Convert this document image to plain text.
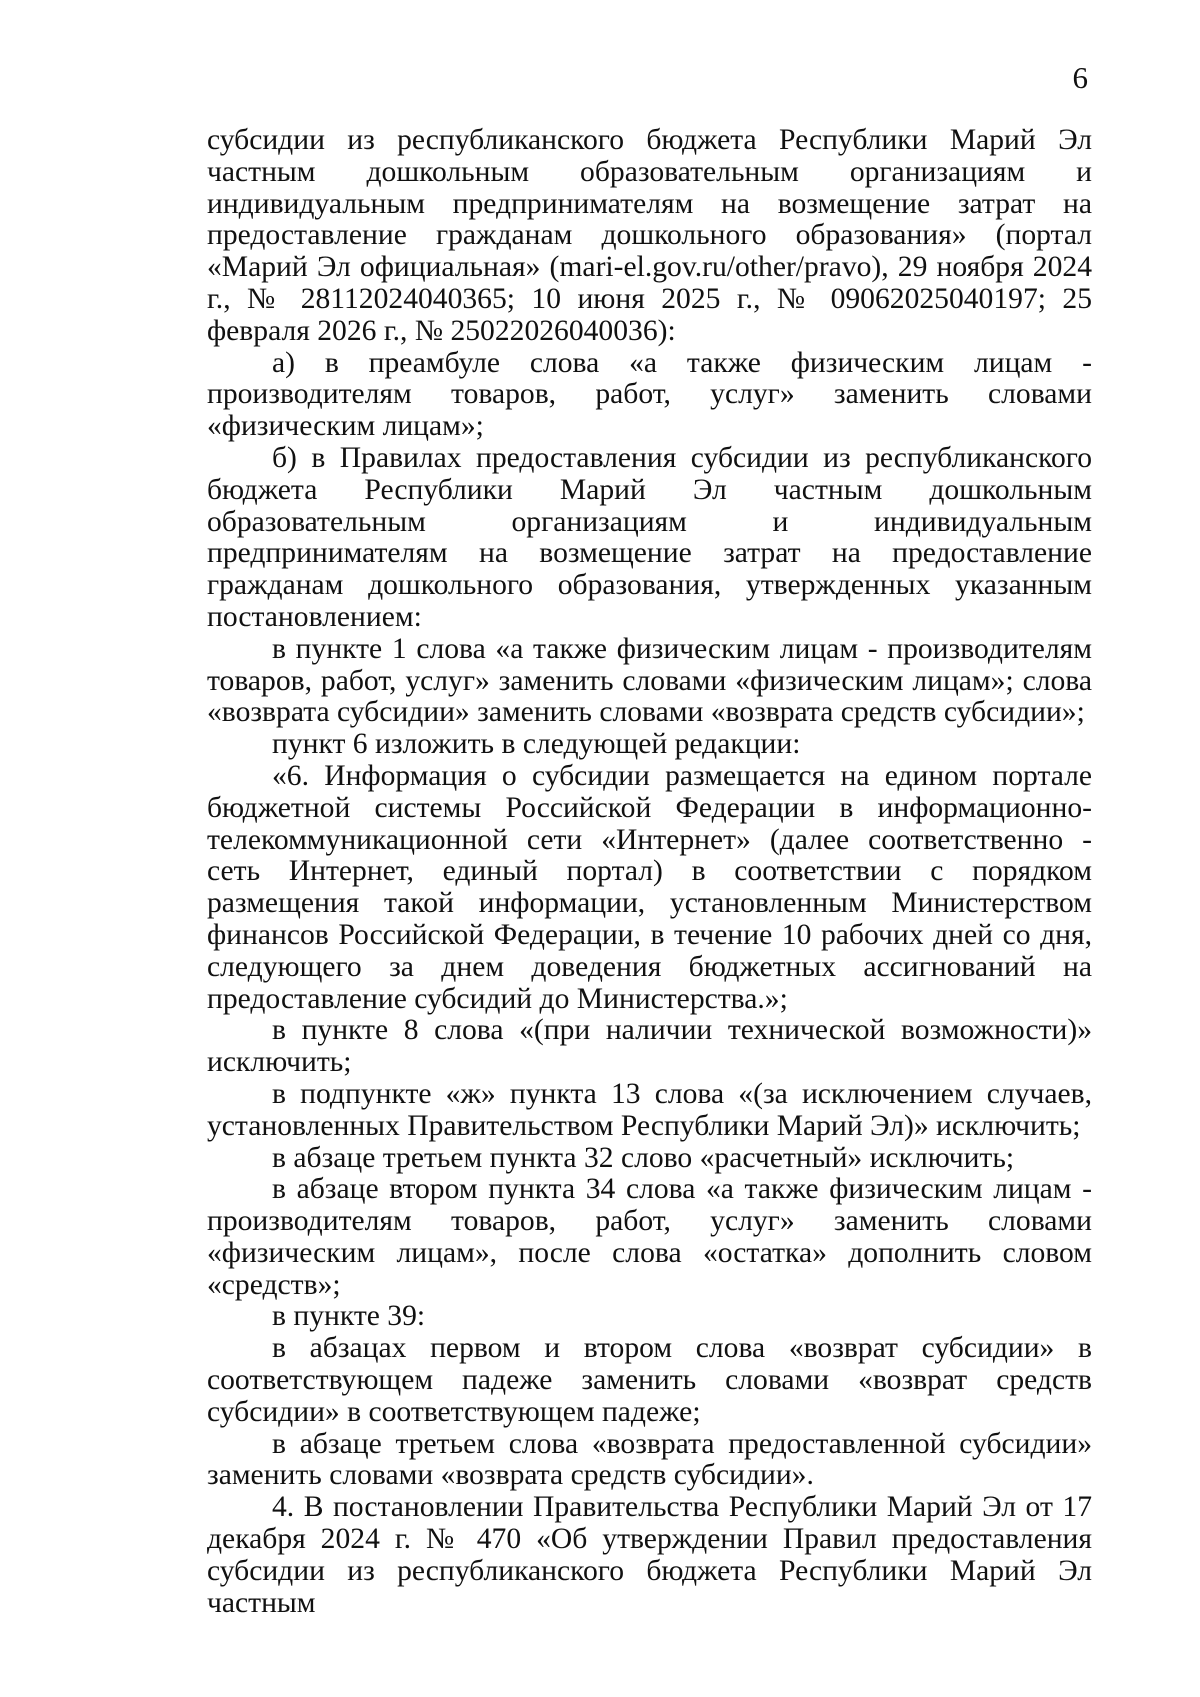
6

субсидии из республиканского бюджета Республики Марий Эл частным дошкольным образовательным организациям и индивидуальным предпринимателям на возмещение затрат на предоставление гражданам дошкольного образования» (портал «Марий Эл официальная» (mari-el.gov.ru/other/pravo), 29 ноября 2024 г., № 28112024040365; 10 июня 2025 г., № 09062025040197; 25 февраля 2026 г., № 25022026040036):

а) в преамбуле слова «а также физическим лицам - производителям товаров, работ, услуг» заменить словами «физическим лицам»;

б) в Правилах предоставления субсидии из республиканского бюджета Республики Марий Эл частным дошкольным образовательным организациям и индивидуальным предпринимателям на возмещение затрат на предоставление гражданам дошкольного образования, утвержденных указанным постановлением:

в пункте 1 слова «а также физическим лицам - производителям товаров, работ, услуг» заменить словами «физическим лицам»; слова «возврата субсидии» заменить словами «возврата средств субсидии»;

пункт 6 изложить в следующей редакции:

«6. Информация о субсидии размещается на едином портале бюджетной системы Российской Федерации в информационно-телекоммуникационной сети «Интернет» (далее соответственно - сеть Интернет, единый портал) в соответствии с порядком размещения такой информации, установленным Министерством финансов Российской Федерации, в течение 10 рабочих дней со дня, следующего за днем доведения бюджетных ассигнований на предоставление субсидий до Министерства.»;

в пункте 8 слова «(при наличии технической возможности)» исключить;

в подпункте «ж» пункта 13 слова «(за исключением случаев, установленных Правительством Республики Марий Эл)» исключить;

в абзаце третьем пункта 32 слово «расчетный» исключить;

в абзаце втором пункта 34 слова «а также физическим лицам - производителям товаров, работ, услуг» заменить словами «физическим лицам», после слова «остатка» дополнить словом «средств»;

в пункте 39:

в абзацах первом и втором слова «возврат субсидии» в соответствующем падеже заменить словами «возврат средств субсидии» в соответствующем падеже;

в абзаце третьем слова «возврата предоставленной субсидии» заменить словами «возврата средств субсидии».

4. В постановлении Правительства Республики Марий Эл от 17 декабря 2024 г. № 470 «Об утверждении Правил предоставления субсидии из республиканского бюджета Республики Марий Эл частным
